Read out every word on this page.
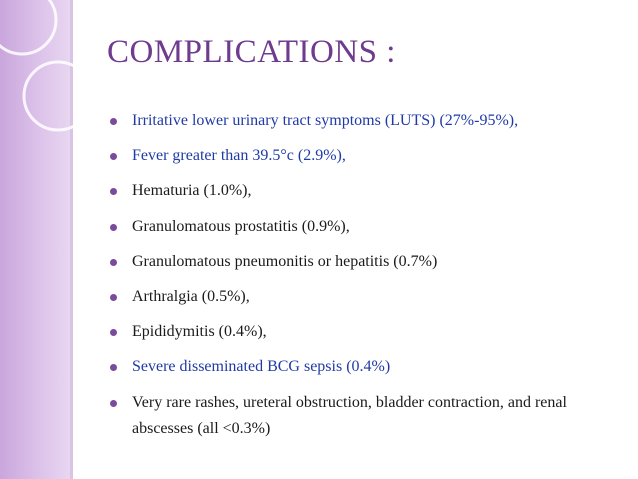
COMPLICATIONS :
Irritative lower urinary tract symptoms (LUTS) (27%-95%),
Fever greater than 39.5°c (2.9%),
Hematuria (1.0%),
Granulomatous prostatitis (0.9%),
Granulomatous pneumonitis or hepatitis (0.7%)
Arthralgia (0.5%),
Epididymitis (0.4%),
Severe disseminated BCG sepsis (0.4%)
Very rare rashes, ureteral obstruction, bladder contraction, and renal abscesses (all <0.3%)
